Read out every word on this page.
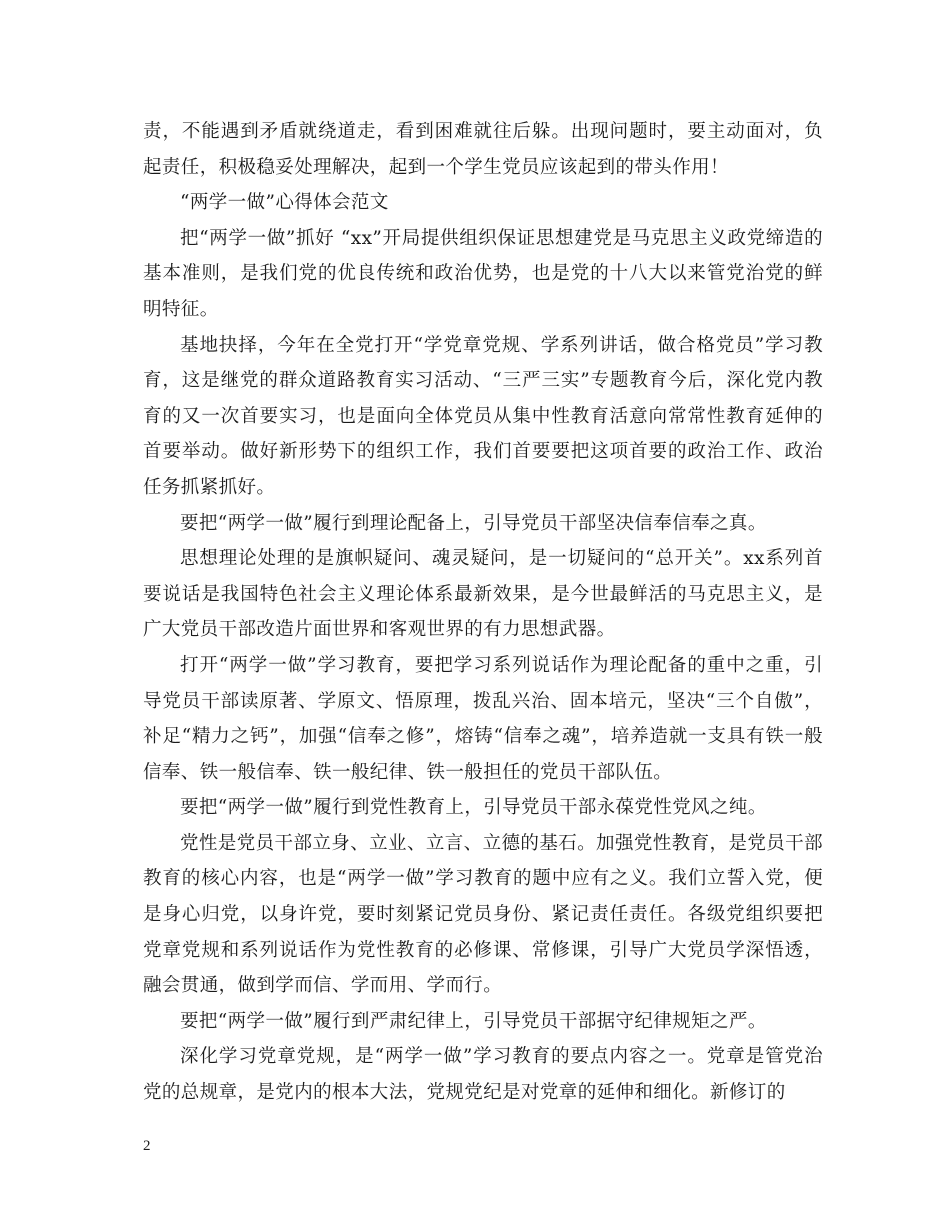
责，不能遇到矛盾就绕道走，看到困难就往后躲。出现问题时，要主动面对，负起责任，积极稳妥处理解决，起到一个学生党员应该起到的带头作用！

“两学一做”心得体会范文

把“两学一做”抓好 “xx”开局提供组织保证思想建党是马克思主义政党缔造的基本准则，是我们党的优良传统和政治优势，也是党的十八大以来管党治党的鲜明特征。

基地抉择，今年在全党打开“学党章党规、学系列讲话，做合格党员”学习教育，这是继党的群众道路教育实习活动、“三严三实”专题教育今后，深化党内教育的又一次首要实习，也是面向全体党员从集中性教育活意向常常性教育延伸的首要举动。做好新形势下的组织工作，我们首要要把这项首要的政治工作、政治任务抓紧抓好。

要把“两学一做”履行到理论配备上，引导党员干部坚决信奉信奉之真。

思想理论处理的是旗帜疑问、魂灵疑问，是一切疑问的“总开关”。xx系列首要说话是我国特色社会主义理论体系最新效果，是今世最鲜活的马克思主义，是广大党员干部改造片面世界和客观世界的有力思想武器。

打开“两学一做”学习教育，要把学习系列说话作为理论配备的重中之重，引导党员干部读原著、学原文、悟原理，拨乱兴治、固本培元，坚决“三个自傲”，补足“精力之钙”，加强“信奉之修”，熔铸“信奉之魂”，培养造就一支具有铁一般信奉、铁一般信奉、铁一般纪律、铁一般担任的党员干部队伍。

要把“两学一做”履行到党性教育上，引导党员干部永葆党性党风之纯。

党性是党员干部立身、立业、立言、立德的基石。加强党性教育，是党员干部教育的核心内容，也是“两学一做”学习教育的题中应有之义。我们立誓入党，便是身心归党，以身许党，要时刻紧记党员身份、紧记责任责任。各级党组织要把党章党规和系列说话作为党性教育的必修课、常修课，引导广大党员学深悟透，融会贯通，做到学而信、学而用、学而行。

要把“两学一做”履行到严肃纪律上，引导党员干部据守纪律规矩之严。

深化学习党章党规，是“两学一做”学习教育的要点内容之一。党章是管党治党的总规章，是党内的根本大法，党规党纪是对党章的延伸和细化。新修订的

2
